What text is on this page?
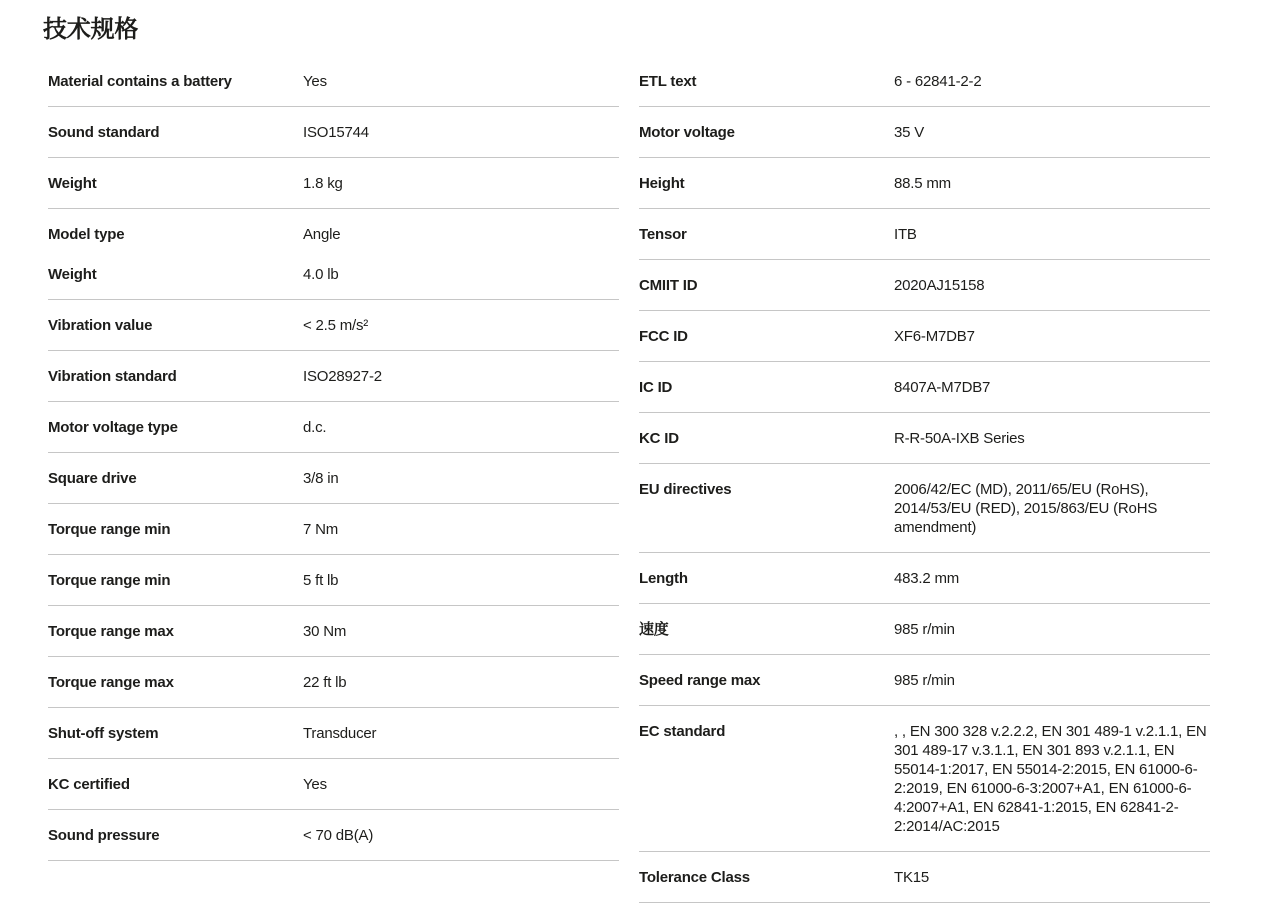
技术规格
Material contains a battery	Yes
Sound standard	ISO15744
Weight	1.8 kg
Model type	Angle
Weight	4.0 lb
Vibration value	< 2.5 m/s²
Vibration standard	ISO28927-2
Motor voltage type	d.c.
Square drive	3/8 in
Torque range min	7 Nm
Torque range min	5 ft lb
Torque range max	30 Nm
Torque range max	22 ft lb
Shut-off system	Transducer
KC certified	Yes
Sound pressure	< 70 dB(A)
ETL text	6 - 62841-2-2
Motor voltage	35 V
Height	88.5 mm
Tensor	ITB
CMIIT ID	2020AJ15158
FCC ID	XF6-M7DB7
IC ID	8407A-M7DB7
KC ID	R-R-50A-IXB Series
EU directives	2006/42/EC (MD), 2011/65/EU (RoHS), 2014/53/EU (RED), 2015/863/EU (RoHS amendment)
Length	483.2 mm
速度	985 r/min
Speed range max	985 r/min
EC standard	, , EN 300 328 v.2.2.2, EN 301 489-1 v.2.1.1, EN 301 489-17 v.3.1.1, EN 301 893 v.2.1.1, EN 55014-1:2017, EN 55014-2:2015, EN 61000-6-2:2019, EN 61000-6-3:2007+A1, EN 61000-6-4:2007+A1, EN 62841-1:2015, EN 62841-2-2:2014/AC:2015
Tolerance Class	TK15
